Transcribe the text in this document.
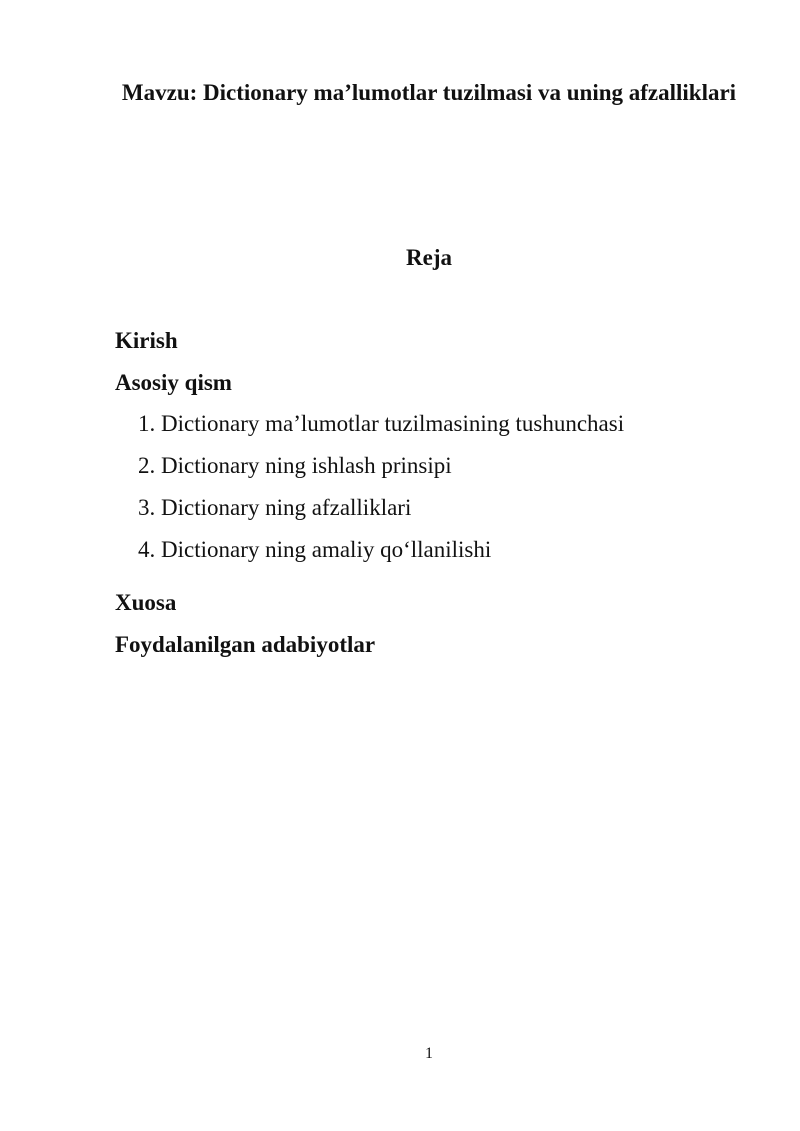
Mavzu: Dictionary ma’lumotlar tuzilmasi va uning afzalliklari
Reja
Kirish
Asosiy qism
1. Dictionary ma’lumotlar tuzilmasining tushunchasi
2. Dictionary ning ishlash prinsipi
3. Dictionary ning afzalliklari
4. Dictionary ning amaliy qo‘llanilishi
Xuosa
Foydalanilgan adabiyotlar
1
